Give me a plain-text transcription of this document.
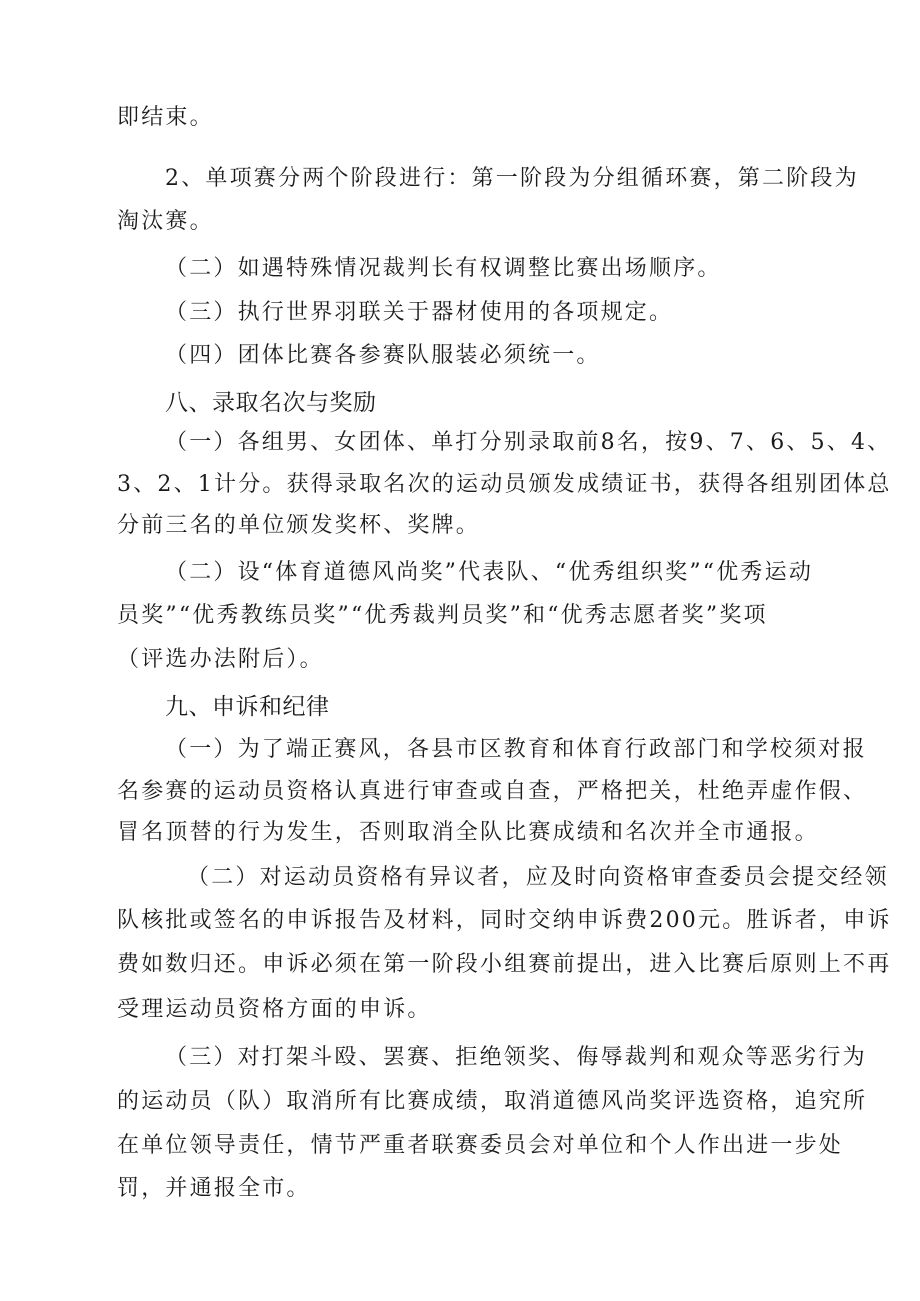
即结束。
2、单项赛分两个阶段进行：第一阶段为分组循环赛，第二阶段为
淘汰赛。
（二）如遇特殊情况裁判长有权调整比赛出场顺序。
（三）执行世界羽联关于器材使用的各项规定。
（四）团体比赛各参赛队服装必须统一。
八、录取名次与奖励
（一）各组男、女团体、单打分别录取前8名，按9、7、6、5、4、
3、2、1计分。获得录取名次的运动员颁发成绩证书，获得各组别团体总
分前三名的单位颁发奖杯、奖牌。
（二）设“体育道德风尚奖”代表队、“优秀组织奖”“优秀运动
员奖”“优秀教练员奖”“优秀裁判员奖”和“优秀志愿者奖”奖项
（评选办法附后）。
九、申诉和纪律
（一）为了端正赛风，各县市区教育和体育行政部门和学校须对报
名参赛的运动员资格认真进行审查或自查，严格把关，杜绝弄虚作假、
冒名顶替的行为发生，否则取消全队比赛成绩和名次并全市通报。
（二）对运动员资格有异议者，应及时向资格审查委员会提交经领
队核批或签名的申诉报告及材料，同时交纳申诉费200元。胜诉者，申诉
费如数归还。申诉必须在第一阶段小组赛前提出，进入比赛后原则上不再
受理运动员资格方面的申诉。
（三）对打架斗殴、罢赛、拒绝领奖、侮辱裁判和观众等恶劣行为
的运动员（队）取消所有比赛成绩，取消道德风尚奖评选资格，追究所
在单位领导责任，情节严重者联赛委员会对单位和个人作出进一步处
罚，并通报全市。
